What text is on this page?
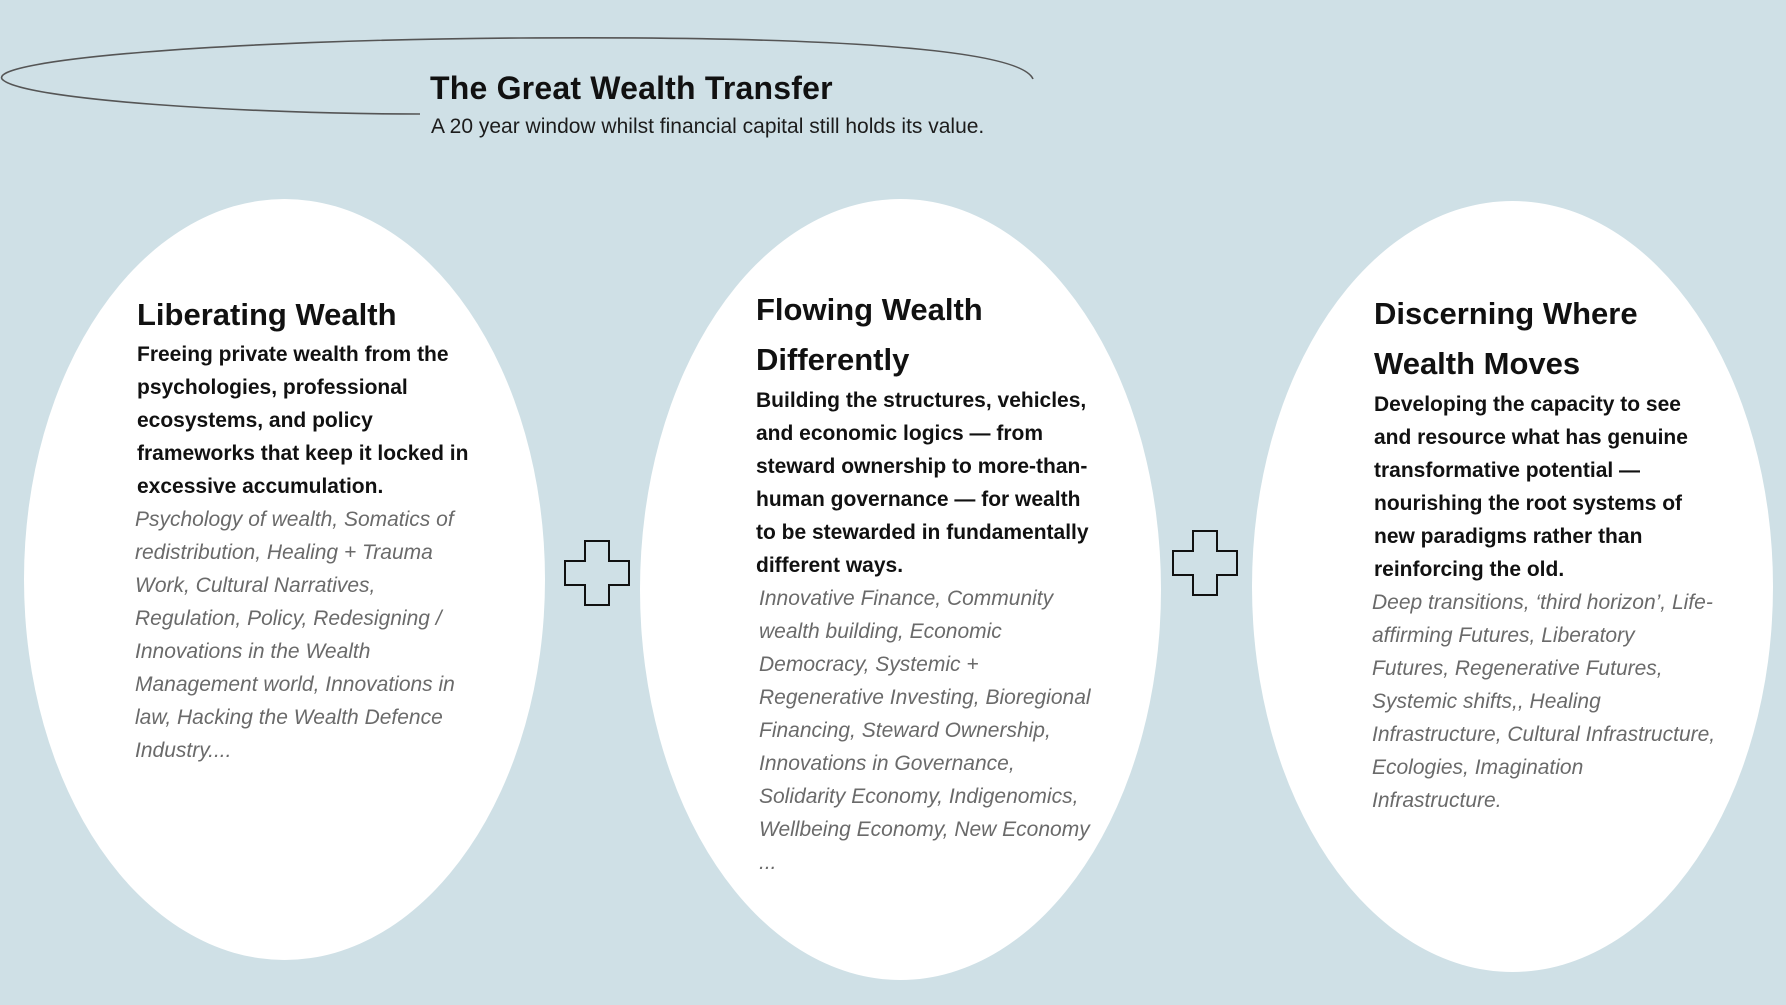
The Great Wealth Transfer
A 20 year window whilst financial capital still holds its value.
Liberating Wealth

Freeing private wealth from the psychologies, professional ecosystems, and policy frameworks that keep it locked in excessive accumulation.

Psychology of wealth, Somatics of redistribution, Healing + Trauma Work, Cultural Narratives, Regulation, Policy, Redesigning / Innovations in the Wealth Management world, Innovations in law, Hacking the Wealth Defence Industry....

Flowing Wealth Differently

Building the structures, vehicles, and economic logics — from steward ownership to more-than-human governance — for wealth to be stewarded in fundamentally different ways.

Innovative Finance, Community wealth building, Economic Democracy, Systemic + Regenerative Investing, Bioregional Financing, Steward Ownership, Innovations in Governance, Solidarity Economy, Indigenomics, Wellbeing Economy, New Economy ...

Discerning Where Wealth Moves

Developing the capacity to see and resource what has genuine transformative potential — nourishing the root systems of new paradigms rather than reinforcing the old.

Deep transitions, ‘third horizon’, Life-affirming Futures, Liberatory Futures, Regenerative Futures, Systemic shifts,, Healing Infrastructure, Cultural Infrastructure, Ecologies, Imagination Infrastructure.
